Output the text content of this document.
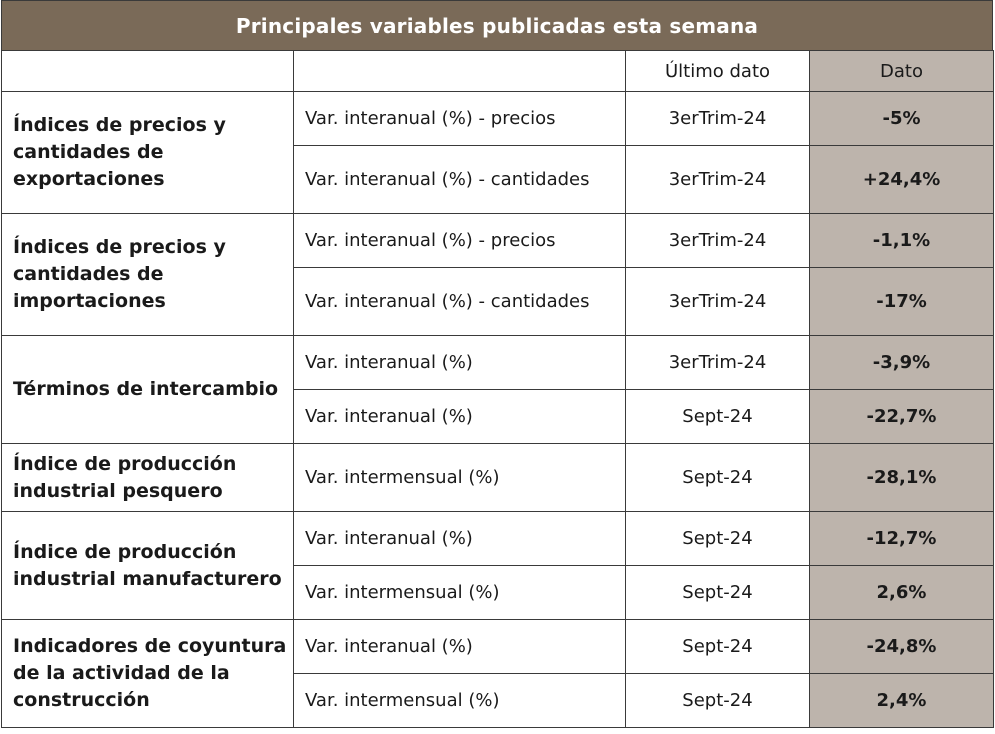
Principales variables publicadas esta semana
		Último dato	Dato
Índices de precios y cantidades de exportaciones	Var. interanual (%) - precios	3erTrim-24	-5%
	Var. interanual (%) - cantidades	3erTrim-24	+24,4%
Índices de precios y cantidades de importaciones	Var. interanual (%) - precios	3erTrim-24	-1,1%
	Var. interanual (%) - cantidades	3erTrim-24	-17%
Términos de intercambio	Var. interanual (%)	3erTrim-24	-3,9%
	Var. interanual (%)	Sept-24	-22,7%
Índice de producción industrial pesquero	Var. intermensual (%)	Sept-24	-28,1%
Índice de producción industrial manufacturero	Var. interanual (%)	Sept-24	-12,7%
	Var. intermensual (%)	Sept-24	2,6%
Indicadores de coyuntura de la actividad de la construcción	Var. interanual (%)	Sept-24	-24,8%
	Var. intermensual (%)	Sept-24	2,4%
